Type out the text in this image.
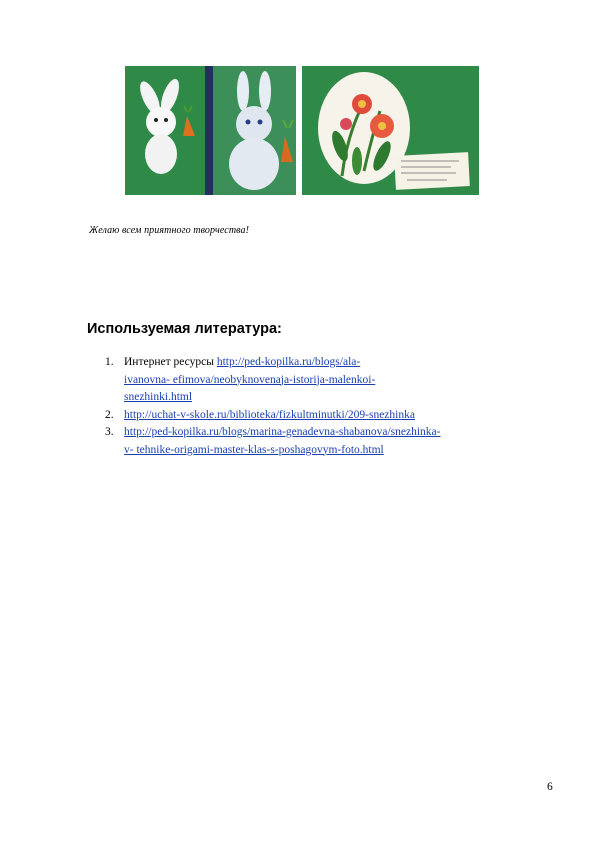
Желаю всем приятного творчества!
Используемая литература:
1. Интернет ресурсы http://ped-kopilka.ru/blogs/ala-
ivanovna- efimova/neobyknovenaja-istorija-malenkoi-
snezhinki.html
2. http://uchat-v-skole.ru/biblioteka/fizkultminutki/209-snezhinka
3. http://ped-kopilka.ru/blogs/marina-genadevna-shabanova/snezhinka-
v- tehnike-origami-master-klas-s-poshagovym-foto.html
6
